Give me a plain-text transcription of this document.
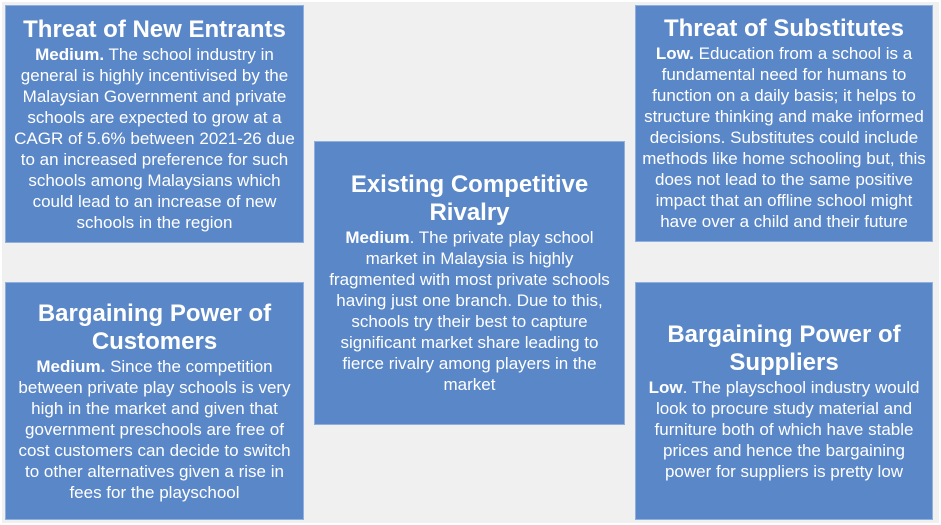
Threat of New Entrants

Medium. The school industry in general is highly incentivised by the Malaysian Government and private schools are expected to grow at a CAGR of 5.6% between 2021-26 due to an increased preference for such schools among Malaysians which could lead to an increase of new schools in the region

Threat of Substitutes

Low. Education from a school is a fundamental need for humans to function on a daily basis; it helps to structure thinking and make informed decisions. Substitutes could include methods like home schooling but, this does not lead to the same positive impact that an offline school might have over a child and their future

Existing Competitive Rivalry

Medium. The private play school market in Malaysia is highly fragmented with most private schools having just one branch. Due to this, schools try their best to capture significant market share leading to fierce rivalry among players in the market

Bargaining Power of Customers

Medium. Since the competition between private play schools is very high in the market and given that government preschools are free of cost customers can decide to switch to other alternatives given a rise in fees for the playschool

Bargaining Power of Suppliers

Low. The playschool industry would look to procure study material and furniture both of which have stable prices and hence the bargaining power for suppliers is pretty low
